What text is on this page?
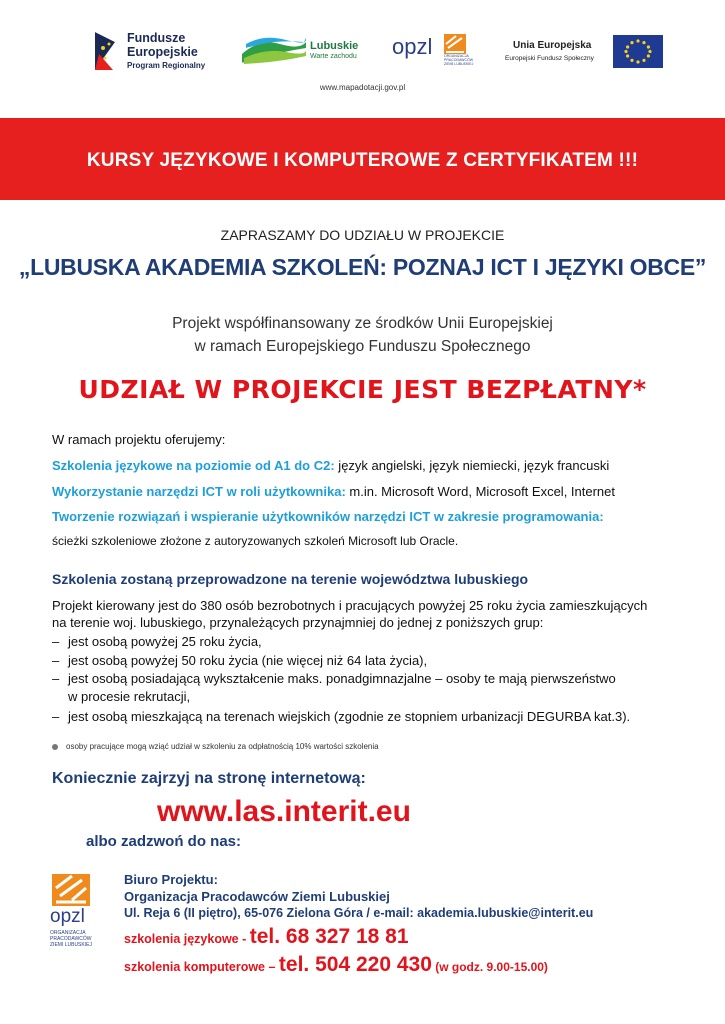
Fundusze
Europejskie
Program Regionalny
Lubuskie
Warte zachodu opzl	ORGANIZACJA PRACODAWCÓW ZIEMI LUBUSKIEJ
Unia Europejska
Europejski Fundusz Społeczny
www.mapadotacji.gov.pl
KURSY JĘZYKOWE I KOMPUTEROWE Z CERTYFIKATEM !!!
ZAPRASZAMY DO UDZIAŁU W PROJEKCIE
„LUBUSKA AKADEMIA SZKOLEŃ: POZNAJ ICT I JĘZYKI OBCE”
Projekt współfinansowany ze środków Unii Europejskiej
w ramach Europejskiego Funduszu Społecznego
UDZIAŁ W PROJEKCIE JEST BEZPŁATNY*
W ramach projektu oferujemy:
Szkolenia językowe na poziomie od A1 do C2: język angielski, język niemiecki, język francuski
Wykorzystanie narzędzi ICT w roli użytkownika: m.in. Microsoft Word, Microsoft Excel, Internet
Tworzenie rozwiązań i wspieranie użytkowników narzędzi ICT w zakresie programowania:
ścieżki szkoleniowe złożone z autoryzowanych szkoleń Microsoft lub Oracle.
Szkolenia zostaną przeprowadzone na terenie województwa lubuskiego
Projekt kierowany jest do 380 osób bezrobotnych i pracujących powyżej 25 roku życia zamieszkujących
na terenie woj. lubuskiego, przynależących przynajmniej do jednej z poniższych grup:
– jest osobą powyżej 25 roku życia,
– jest osobą powyżej 50 roku życia (nie więcej niż 64 lata życia),
– jest osobą posiadającą wykształcenie maks. ponadgimnazjalne – osoby te mają pierwszeństwo
w procesie rekrutacji,
– jest osobą mieszkającą na terenach wiejskich (zgodnie ze stopniem urbanizacji DEGURBA kat.3).
osoby pracujące mogą wziąć udział w szkoleniu za odpłatnością 10% wartości szkolenia
Koniecznie zajrzyj na stronę internetową:
www.las.interit.eu
albo zadzwoń do nas:
opzl
ORGANIZACJA PRACODAWCÓW ZIEMI LUBUSKIEJ
Biuro Projektu:
Organizacja Pracodawców Ziemi Lubuskiej
Ul. Reja 6 (II piętro), 65-076 Zielona Góra / e-mail: akademia.lubuskie@interit.eu
szkolenia językowe - tel. 68 327 18 81
szkolenia komputerowe – tel. 504 220 430 (w godz. 9.00-15.00)
